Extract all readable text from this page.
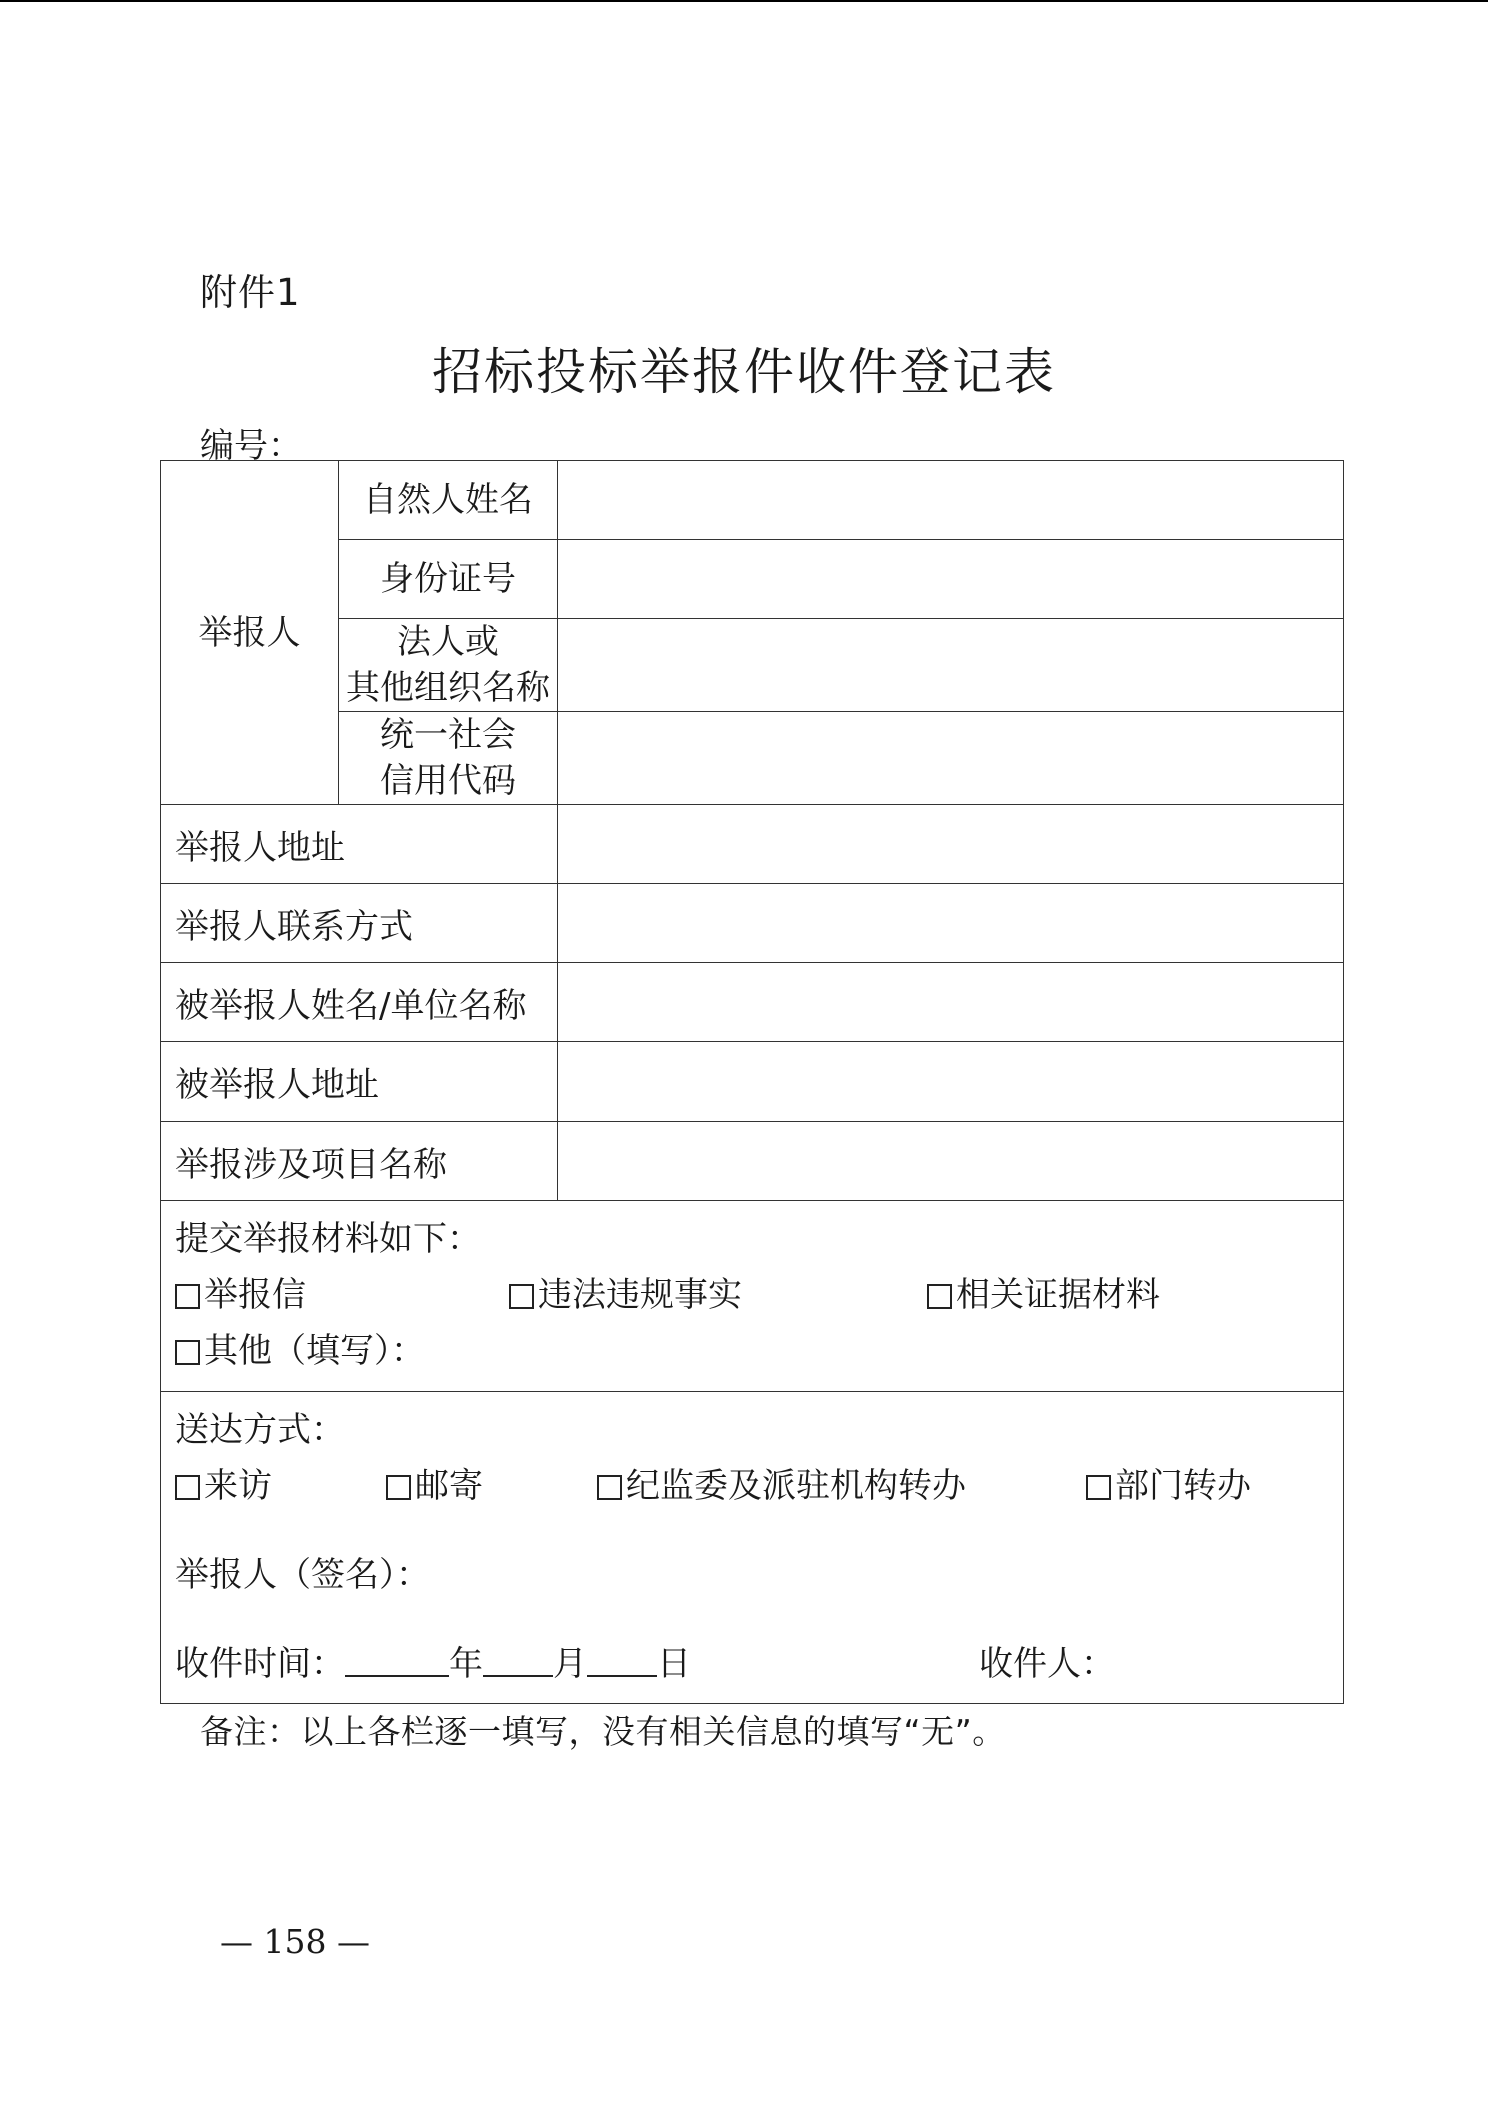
附件1
招标投标举报件收件登记表
编号：
举报人	自然人姓名	
	身份证号	
	法人或
其他组织名称	
	统一社会
信用代码	
举报人地址		
举报人联系方式		
被举报人姓名/单位名称		
被举报人地址		
举报涉及项目名称		

提交举报材料如下：
举报信 违法违规事实 相关证据材料
其他（填写）：		

送达方式：
来访 邮寄 纪监委及派驻机构转办 部门转办
举报人（签名）：
收件时间： 年 月 日 收件人：		
备注：以上各栏逐一填写，没有相关信息的填写“无”。
— 158 —
